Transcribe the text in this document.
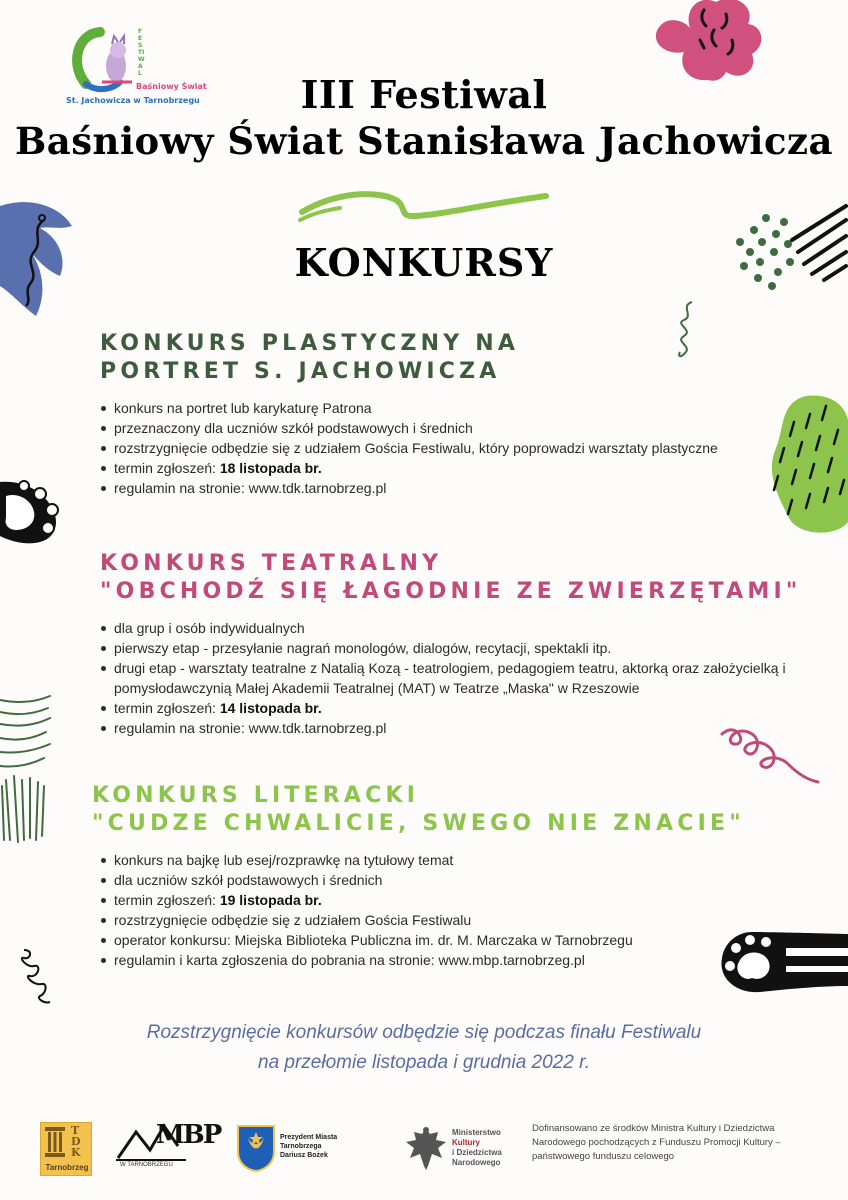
FESTIWAL
Baśniowy Świat
St. Jachowicza w Tarnobrzegu	III Festiwal
Baśniowy Świat Stanisława Jachowicza
KONKURSY
KONKURS PLASTYCZNY NA
PORTRET S. JACHOWICZA
konkurs na portret lub karykaturę Patrona
przeznaczony dla uczniów szkół podstawowych i średnich
rozstrzygnięcie odbędzie się z udziałem Gościa Festiwalu, który poprowadzi warsztaty plastyczne
termin zgłoszeń: 18 listopada br.
regulamin na stronie: www.tdk.tarnobrzeg.pl
KONKURS TEATRALNY
"OBCHODŹ SIĘ ŁAGODNIE ZE ZWIERZĘTAMI"
dla grup i osób indywidualnych
pierwszy etap - przesyłanie nagrań monologów, dialogów, recytacji, spektakli itp.
drugi etap - warsztaty teatralne z Natalią Kozą - teatrologiem, pedagogiem teatru, aktorką oraz założycielką i pomysłodawczynią Małej Akademii Teatralnej (MAT) w Teatrze „Maska" w Rzeszowie
termin zgłoszeń: 14 listopada br.
regulamin na stronie: www.tdk.tarnobrzeg.pl
KONKURS LITERACKI
"CUDZE CHWALICIE, SWEGO NIE ZNACIE"
konkurs na bajkę lub esej/rozprawkę na tytułowy temat
dla uczniów szkół podstawowych i średnich
termin zgłoszeń: 19 listopada br.
rozstrzygnięcie odbędzie się z udziałem Gościa Festiwalu
operator konkursu: Miejska Biblioteka Publiczna im. dr. M. Marczaka w Tarnobrzegu
regulamin i karta zgłoszenia do pobrania na stronie: www.mbp.tarnobrzeg.pl
Rozstrzygnięcie konkursów odbędzie się podczas finału Festiwalu
na przełomie listopada i grudnia 2022 r.
TDK
Tarnobrzeg
MBP
W TARNOBRZEGU
Prezydent Miasta
Tarnobrzega
Dariusz Bożek
Ministerstwo
Kultury
i Dziedzictwa
Narodowego
Dofinansowano ze środków Ministra Kultury i Dziedzictwa Narodowego pochodzących z Funduszu Promocji Kultury – państwowego funduszu celowego
